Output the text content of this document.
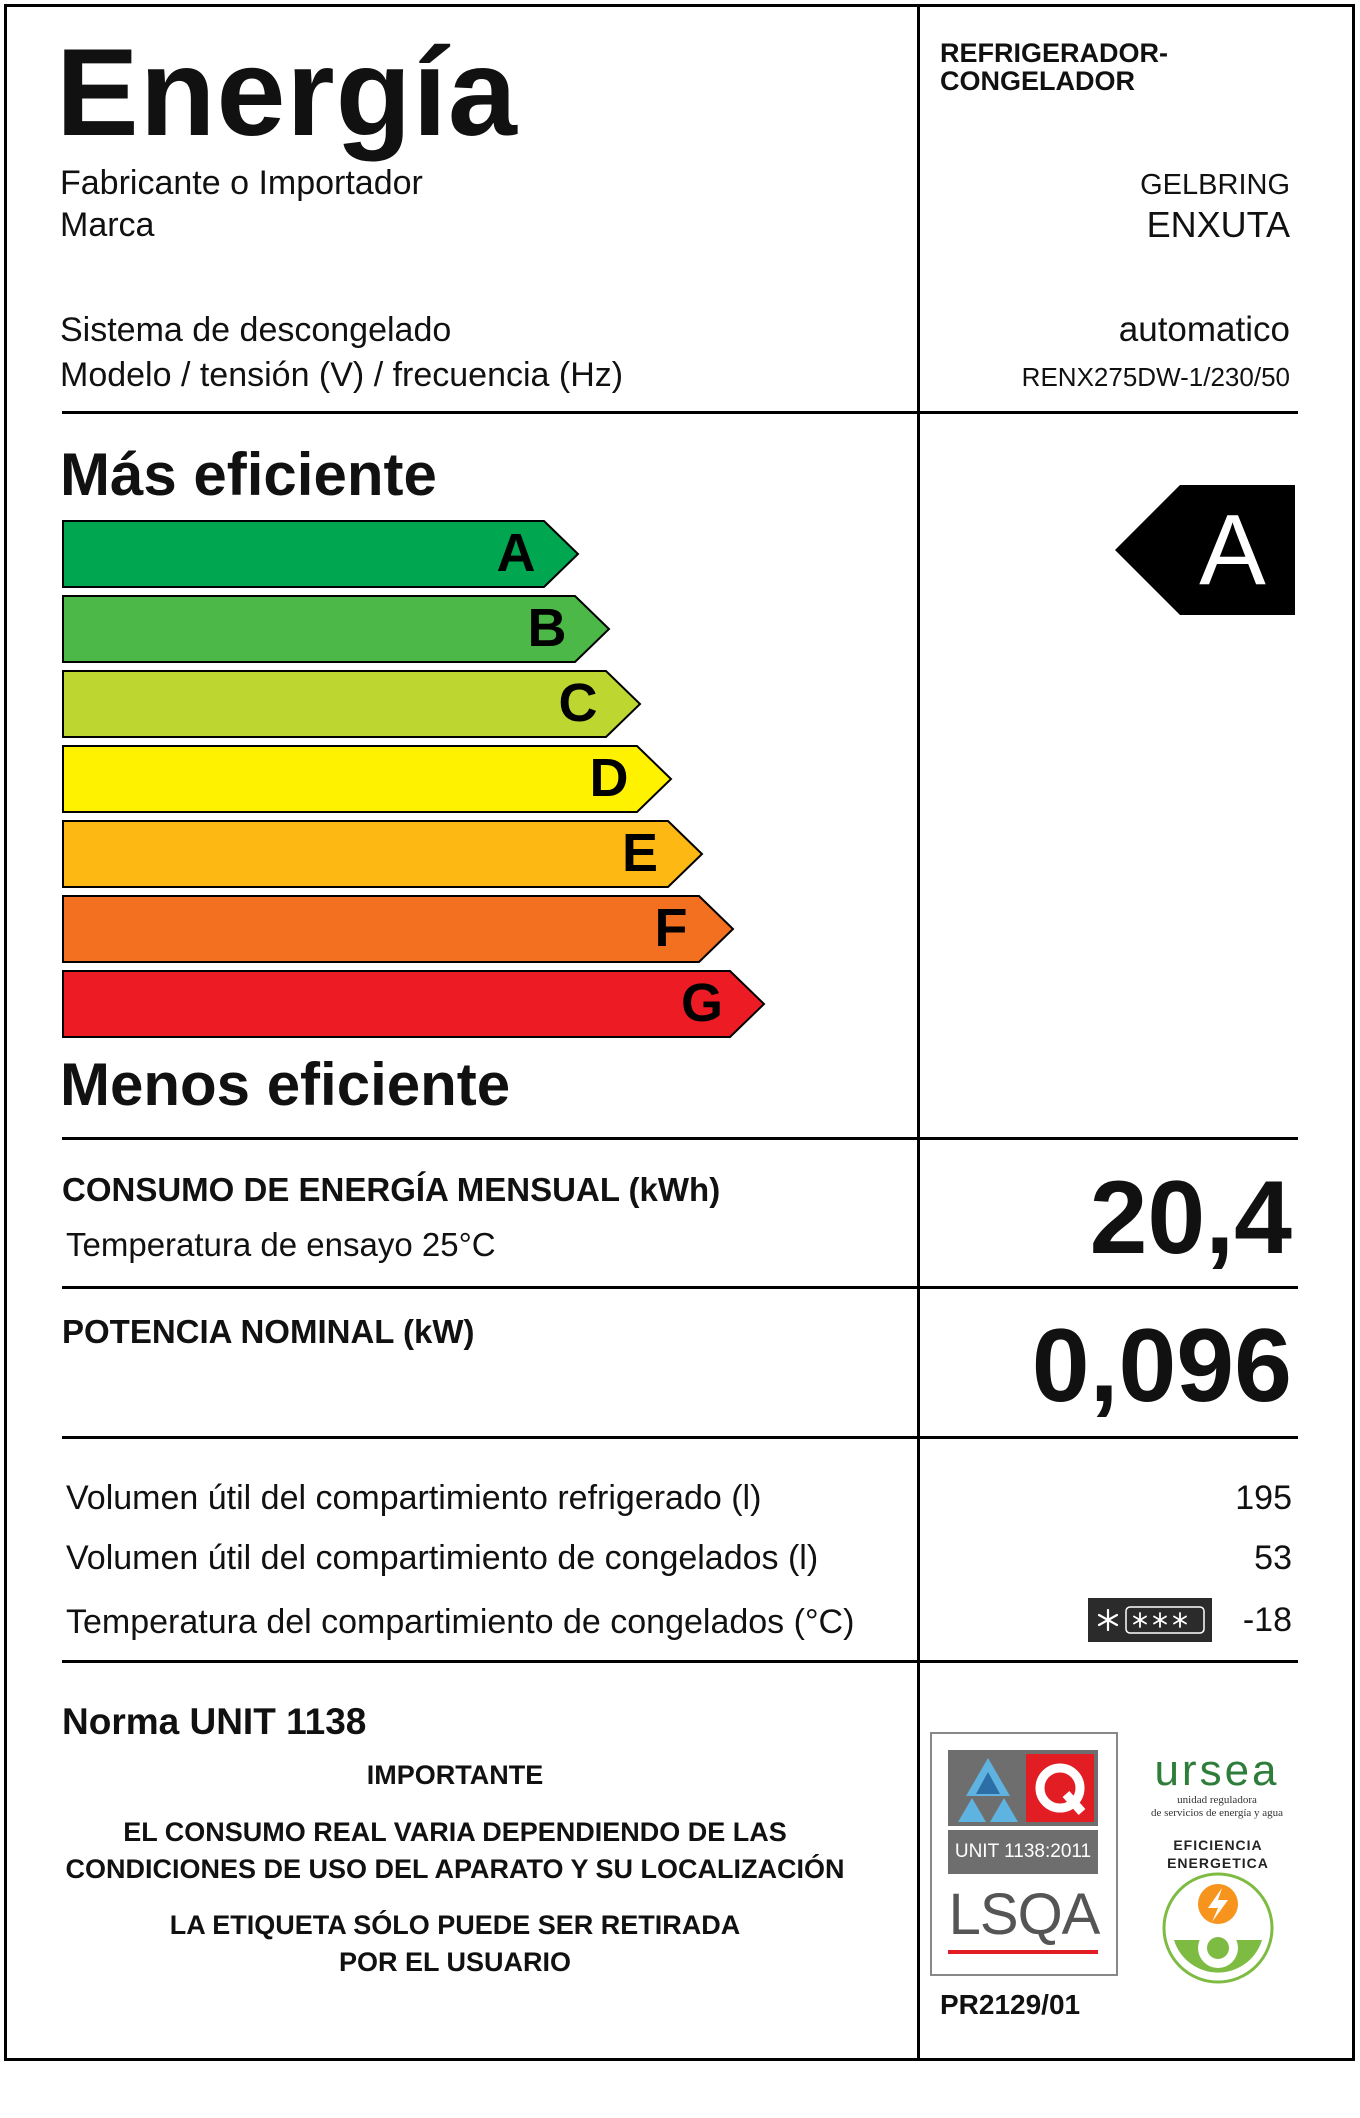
Energía	REFRIGERADOR-
CONGELADOR
Fabricante o Importador	GELBRING
Marca	ENXUTA
Sistema de descongelado	automatico
Modelo / tensión (V) / frecuencia (Hz)	RENX275DW-1/230/50
Más eficiente
A
B
C
D
E
F
G
Menos eficiente
A
CONSUMO DE ENERGÍA MENSUAL (kWh)
Temperatura de ensayo 25°C	20,4
POTENCIA NOMINAL (kW)	0,096
Volumen útil del compartimiento refrigerado (l)	195
Volumen útil del compartimiento de congelados (l)	53
Temperatura del compartimiento de congelados (°C)	-18
Norma UNIT 1138
IMPORTANTE
EL CONSUMO REAL VARIA DEPENDIENDO DE LAS
CONDICIONES DE USO DEL APARATO Y SU LOCALIZACIÓN
LA ETIQUETA SÓLO PUEDE SER RETIRADA
POR EL USUARIO
UNIT 1138:2011
LSQA
PR2129/01
ursea
unidad reguladora
de servicios de energía y agua
EFICIENCIA ENERGETICA
